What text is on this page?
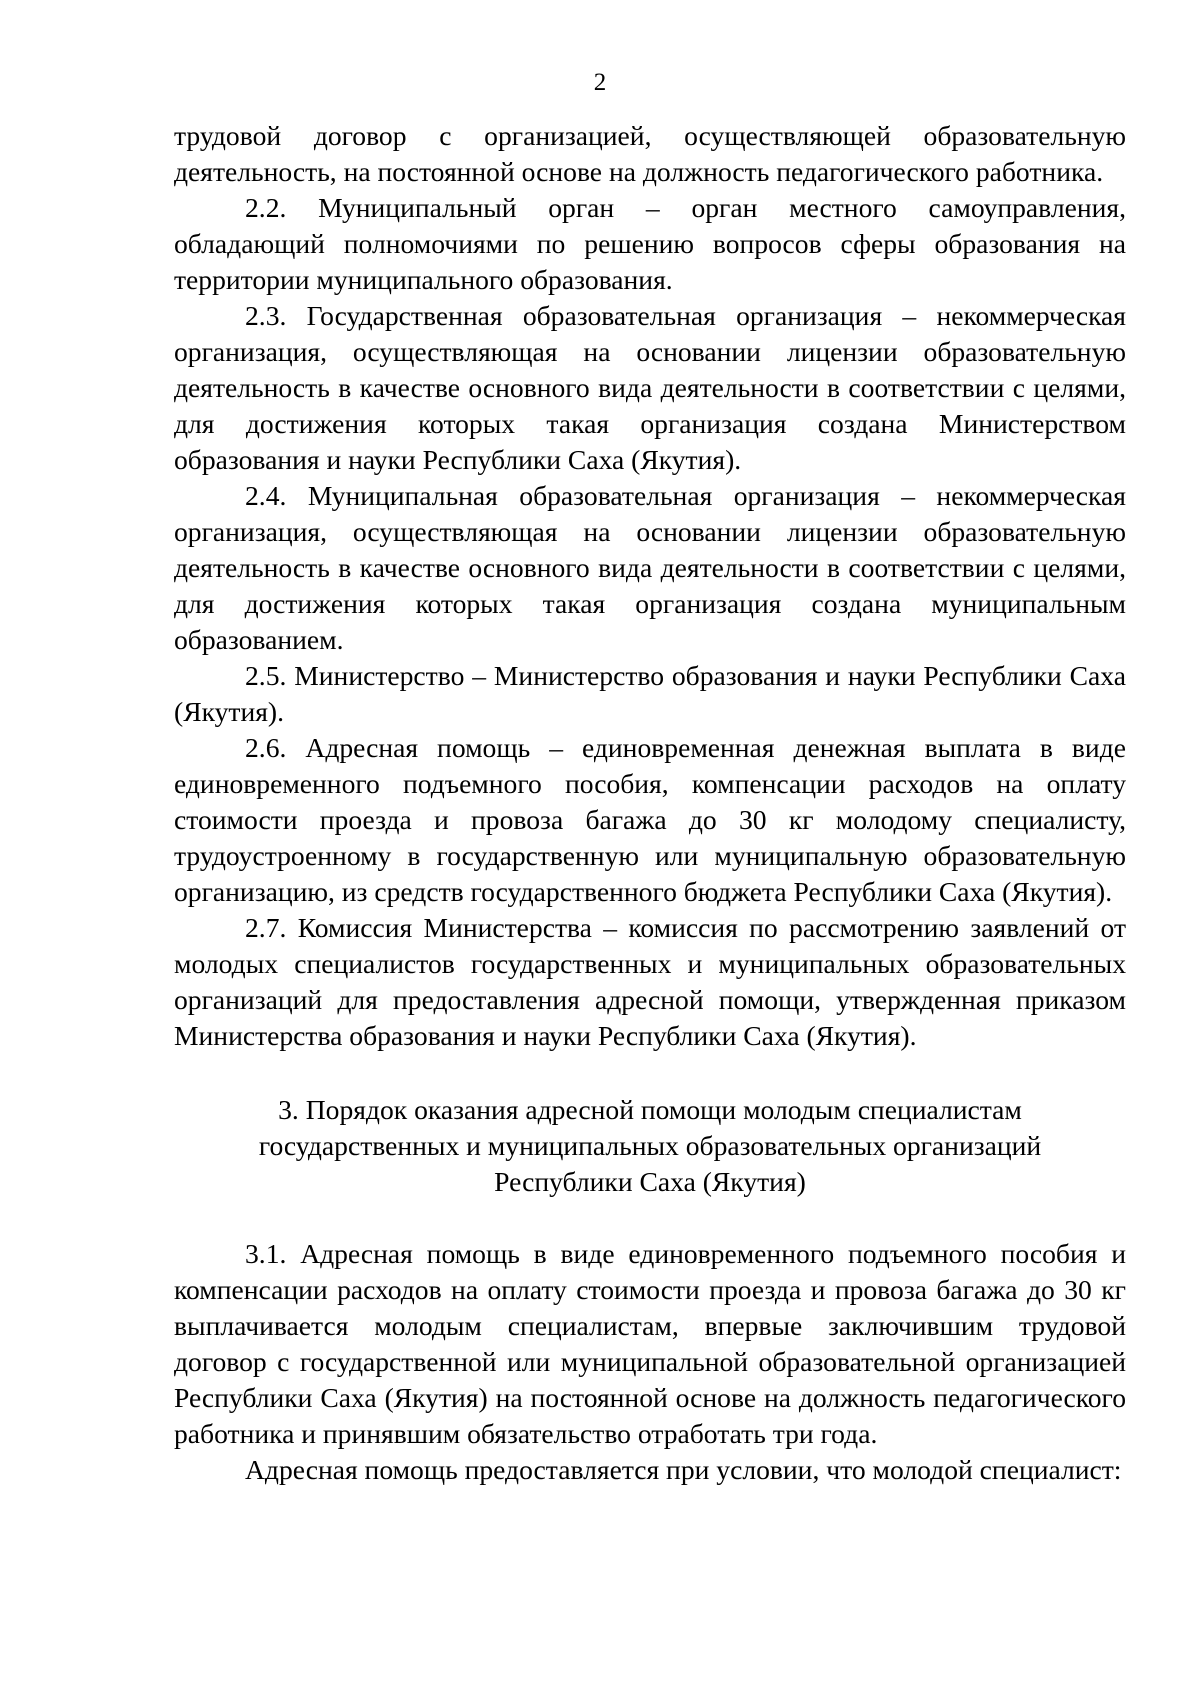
2

трудовой договор с организацией, осуществляющей образовательную деятельность, на постоянной основе на должность педагогического работника.

2.2. Муниципальный орган – орган местного самоуправления, обладающий полномочиями по решению вопросов сферы образования на территории муниципального образования.

2.3. Государственная образовательная организация – некоммерческая организация, осуществляющая на основании лицензии образовательную деятельность в качестве основного вида деятельности в соответствии с целями, для достижения которых такая организация создана Министерством образования и науки Республики Саха (Якутия).

2.4. Муниципальная образовательная организация – некоммерческая организация, осуществляющая на основании лицензии образовательную деятельность в качестве основного вида деятельности в соответствии с целями, для достижения которых такая организация создана муниципальным образованием.

2.5. Министерство – Министерство образования и науки Республики Саха (Якутия).

2.6. Адресная помощь – единовременная денежная выплата в виде единовременного подъемного пособия, компенсации расходов на оплату стоимости проезда и провоза багажа до 30 кг молодому специалисту, трудоустроенному в государственную или муниципальную образовательную организацию, из средств государственного бюджета Республики Саха (Якутия).

2.7. Комиссия Министерства – комиссия по рассмотрению заявлений от молодых специалистов государственных и муниципальных образовательных организаций для предоставления адресной помощи, утвержденная приказом Министерства образования и науки Республики Саха (Якутия).

3. Порядок оказания адресной помощи молодым специалистам
государственных и муниципальных образовательных организаций
Республики Саха (Якутия)

3.1. Адресная помощь в виде единовременного подъемного пособия и компенсации расходов на оплату стоимости проезда и провоза багажа до 30 кг выплачивается молодым специалистам, впервые заключившим трудовой договор с государственной или муниципальной образовательной организацией Республики Саха (Якутия) на постоянной основе на должность педагогического работника и принявшим обязательство отработать три года.

Адресная помощь предоставляется при условии, что молодой специалист:
